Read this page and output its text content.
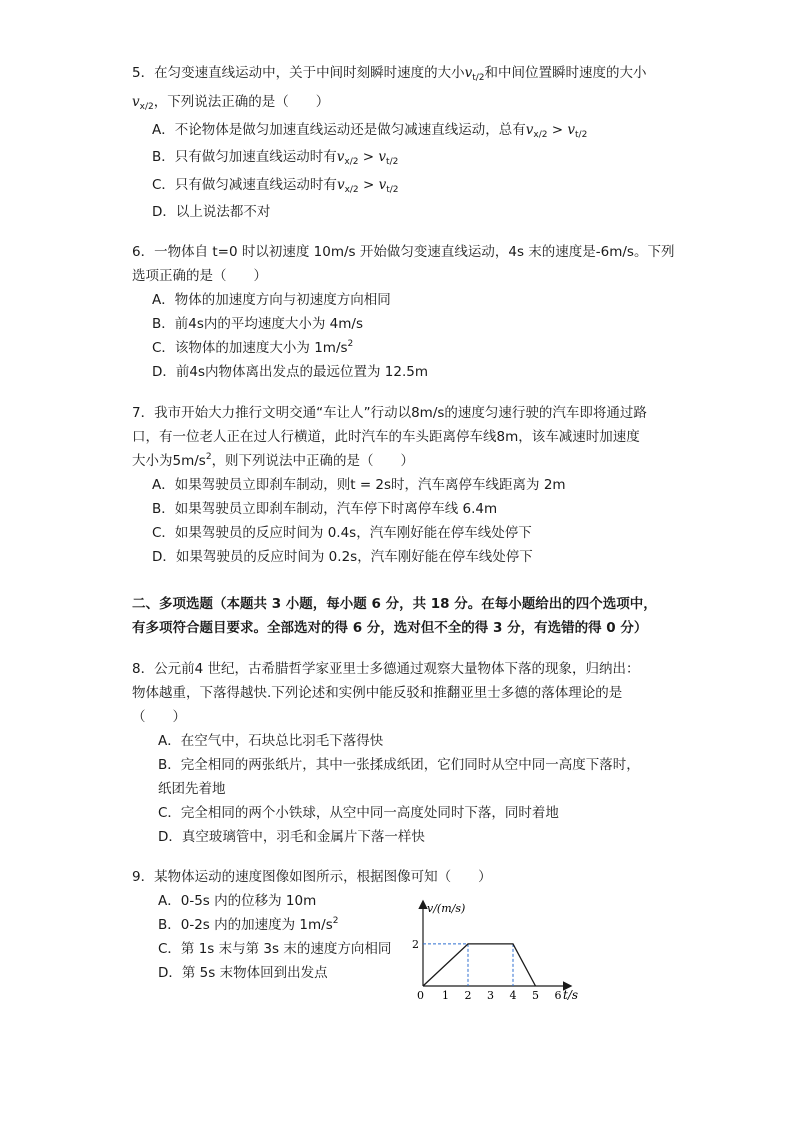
5．在匀变速直线运动中，关于中间时刻瞬时速度的大小$v_{t/2}$和中间位置瞬时速度的大小
$v_{x/2}$，下列说法正确的是（　　）
A．不论物体是做匀加速直线运动还是做匀减速直线运动，总有$v_{x/2} > v_{t/2}$
B．只有做匀加速直线运动时有$v_{x/2} > v_{t/2}$
C．只有做匀减速直线运动时有$v_{x/2} > v_{t/2}$
D．以上说法都不对
6．一物体自 t=0 时以初速度 10m/s 开始做匀变速直线运动，4s 末的速度是-6m/s。下列
选项正确的是（　　）
A．物体的加速度方向与初速度方向相同
B．前4s内的平均速度大小为 4m/s
C．该物体的加速度大小为 $1m/s^2$
D．前4s内物体离出发点的最远位置为 12.5m
7．我市开始大力推行文明交通“车让人”行动以8m/s的速度匀速行驶的汽车即将通过路
口，有一位老人正在过人行横道，此时汽车的车头距离停车线8m，该车减速时加速度
大小为$5m/s^2$，则下列说法中正确的是（　　）
A．如果驾驶员立即刹车制动，则t = 2s时，汽车离停车线距离为 2m
B．如果驾驶员立即刹车制动，汽车停下时离停车线 6.4m
C．如果驾驶员的反应时间为 0.4s，汽车刚好能在停车线处停下
D．如果驾驶员的反应时间为 0.2s，汽车刚好能在停车线处停下
二、多项选题（本题共 3 小题，每小题 6 分，共 18 分。在每小题给出的四个选项中，
有多项符合题目要求。全部选对的得 6 分，选对但不全的得 3 分，有选错的得 0 分）
8．公元前4 世纪，古希腊哲学家亚里士多德通过观察大量物体下落的现象，归纳出：
物体越重，下落得越快.下列论述和实例中能反驳和推翻亚里士多德的落体理论的是
（　　）
A．在空气中，石块总比羽毛下落得快
B．完全相同的两张纸片，其中一张揉成纸团，它们同时从空中同一高度下落时，
纸团先着地
C．完全相同的两个小铁球，从空中同一高度处同时下落，同时着地
D．真空玻璃管中，羽毛和金属片下落一样快
9．某物体运动的速度图像如图所示，根据图像可知（　　）
A．0-5s 内的位移为 10m
B．0-2s 内的加速度为 $1m/s^2$
C．第 1s 末与第 3s 末的速度方向相同
D．第 5s 末物体回到出发点
0 1 2 3 4 5 6
2
t/s
v/(m/s)
